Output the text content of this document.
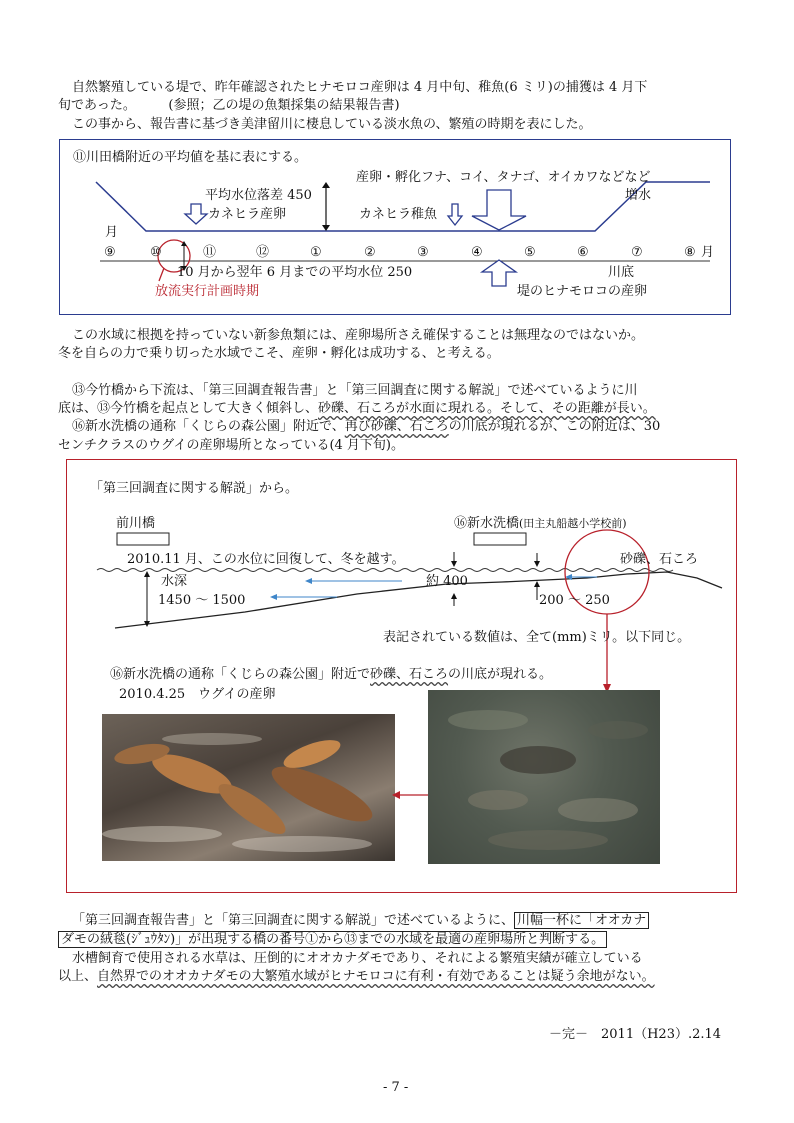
自然繁殖している堤で、昨年確認されたヒナモロコ産卵は 4 月中旬、稚魚(6 ミリ)の捕獲は 4 月下
旬であった。　　　(参照；乙の堤の魚類採集の結果報告書)
この事から、報告書に基づき美津留川に棲息している淡水魚の、繁殖の時期を表にした。
⑪川田橋附近の平均値を基に表にする。
産卵・孵化フナ、コイ、タナゴ、オイカワなどなど
増水
平均水位落差 450
カネヒラ産卵	カネヒラ稚魚
月
⑨	⑩	⑪	⑫	①	②	③	④	⑤	⑥	⑦	⑧ 月
10 月から翌年 6 月までの平均水位 250
放流実行計画時期
川底
堤のヒナモロコの産卵
この水域に根拠を持っていない新参魚類には、産卵場所さえ確保することは無理なのではないか。
冬を自らの力で乗り切った水域でこそ、産卵・孵化は成功する、と考える。
⑬今竹橋から下流は、「第三回調査報告書」と「第三回調査に関する解説」で述べているように川
底は、⑬今竹橋を起点として大きく傾斜し、砂礫、石ころが水面に現れる。そして、その距離が長い。
⑯新水洗橋の通称「くじらの森公園」附近で、再び砂礫、石ころの川底が現れるが、この附近は、30
センチクラスのウグイの産卵場所となっている(4 月下旬)。
「第三回調査に関する解説」から。
前川橋	⑯新水洗橋(田主丸船越小学校前)
2010.11 月、この水位に回復して、冬を越す。	砂礫、石ころ
水深
1450 ～ 1500
約 400
200 ～ 250
表記されている数値は、全て(mm)ミリ。以下同じ。
⑯新水洗橋の通称「くじらの森公園」附近で砂礫、石ころの川底が現れる。
2010.4.25　ウグイの産卵
「第三回調査報告書」と「第三回調査に関する解説」で述べているように、 川幅一杯に「オオカナ
ダモの絨毯(ｼﾞｭｳﾀﾝ)」が出現する橋の番号①から⑬までの水域を最適の産卵場所と判断する。
水槽飼育で使用される水草は、圧倒的にオオカナダモであり、それによる繁殖実績が確立している
以上、自然界でのオオカナダモの大繁殖水域がヒナモロコに有利・有効であることは疑う余地がない。
－完－　2011（H23）.2.14
- 7 -
